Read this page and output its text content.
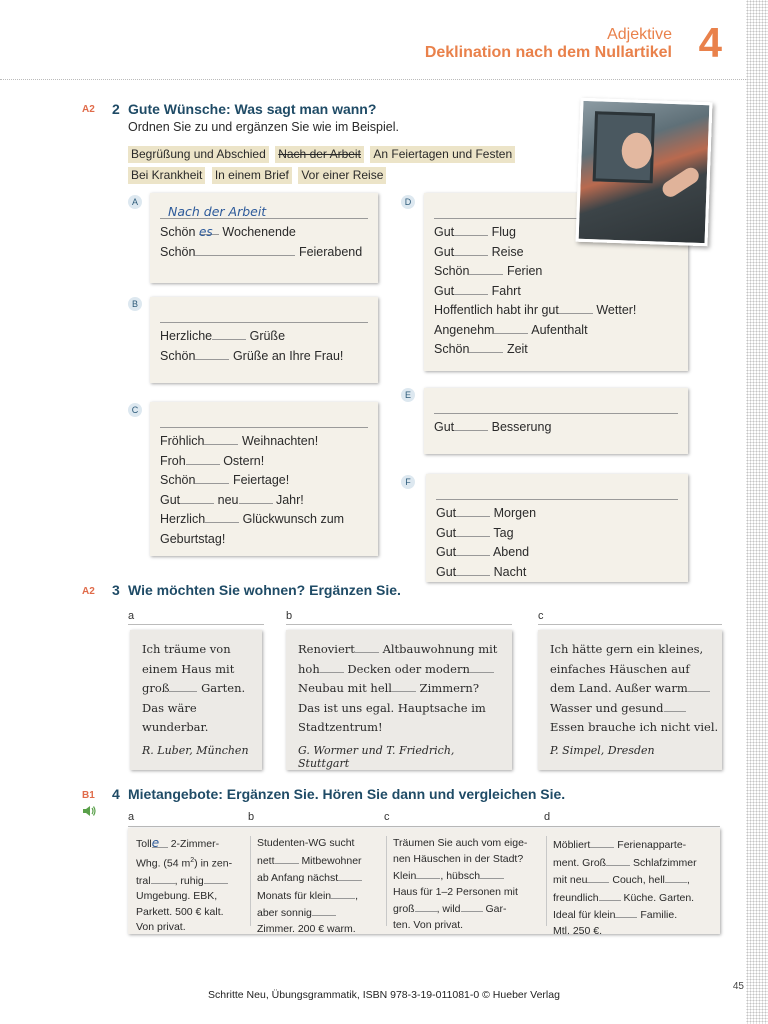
Adjektive
Deklination nach dem Nullartikel 4
A2 2 Gute Wünsche: Was sagt man wann?
Ordnen Sie zu und ergänzen Sie wie im Beispiel.
Begrüßung und Abschied Nach der Arbeit An Feiertagen und Festen
Bei Krankheit In einem Brief Vor einer Reise
A
Nach der Arbeit
Schön es Wochenende
Schön	Feierabend
B
Herzliche	Grüße
Schön	Grüße an Ihre Frau!
C
Fröhlich	Weihnachten!
Froh	Ostern!
Schön	Feiertage!
Gut	neu	Jahr!
Herzlich	Glückwunsch zum
Geburtstag!
D
Gut	Flug
Gut	Reise
Schön	Ferien
Gut	Fahrt
Hoffentlich habt ihr gut	Wetter!
Angenehm	Aufenthalt
Schön	Zeit
E
Gut	Besserung
F
Gut	Morgen
Gut	Tag
Gut	Abend
Gut	Nacht
A2 3 Wie möchten Sie wohnen? Ergänzen Sie.
a	b	c
Ich träume von
einem Haus mit
groß	Garten.
Das wäre
wunderbar.
R. Luber, München
Renoviert Altbauwohnung mit
hoh Decken oder modern
Neubau mit hell Zimmern?
Das ist uns egal. Hauptsache im
Stadtzentrum!
G. Wormer und T. Friedrich, Stuttgart
Ich hätte gern ein kleines,
einfaches Häuschen auf
dem Land. Außer warm
Wasser und gesund
Essen brauche ich nicht viel.
P. Simpel, Dresden
B1 4 Mietangebote: Ergänzen Sie. Hören Sie dann und vergleichen Sie.
a	b	c	d
Tolle 2-Zimmer-
Whg. (54 $m^2$) in zen-
tral , ruhig
Umgebung. EBK,
Parkett. 500 € kalt.
Von privat.
Studenten-WG sucht
nett	Mitbewohner
ab Anfang nächst
Monats für klein ,
aber sonnig
Zimmer. 200 € warm.
Träumen Sie auch vom eige-
nen Häuschen in der Stadt?
Klein , hübsch
Haus für 1–2 Personen mit
groß , wild Gar-
ten. Von privat.
Möbliert	Ferienapparte-
ment. Groß	Schlafzimmer
mit neu Couch, hell ,
freundlich Küche. Garten.
Ideal für klein Familie.
Mtl. 250 €.
45
Schritte Neu, Übungsgrammatik, ISBN 978-3-19-011081-0 © Hueber Verlag
